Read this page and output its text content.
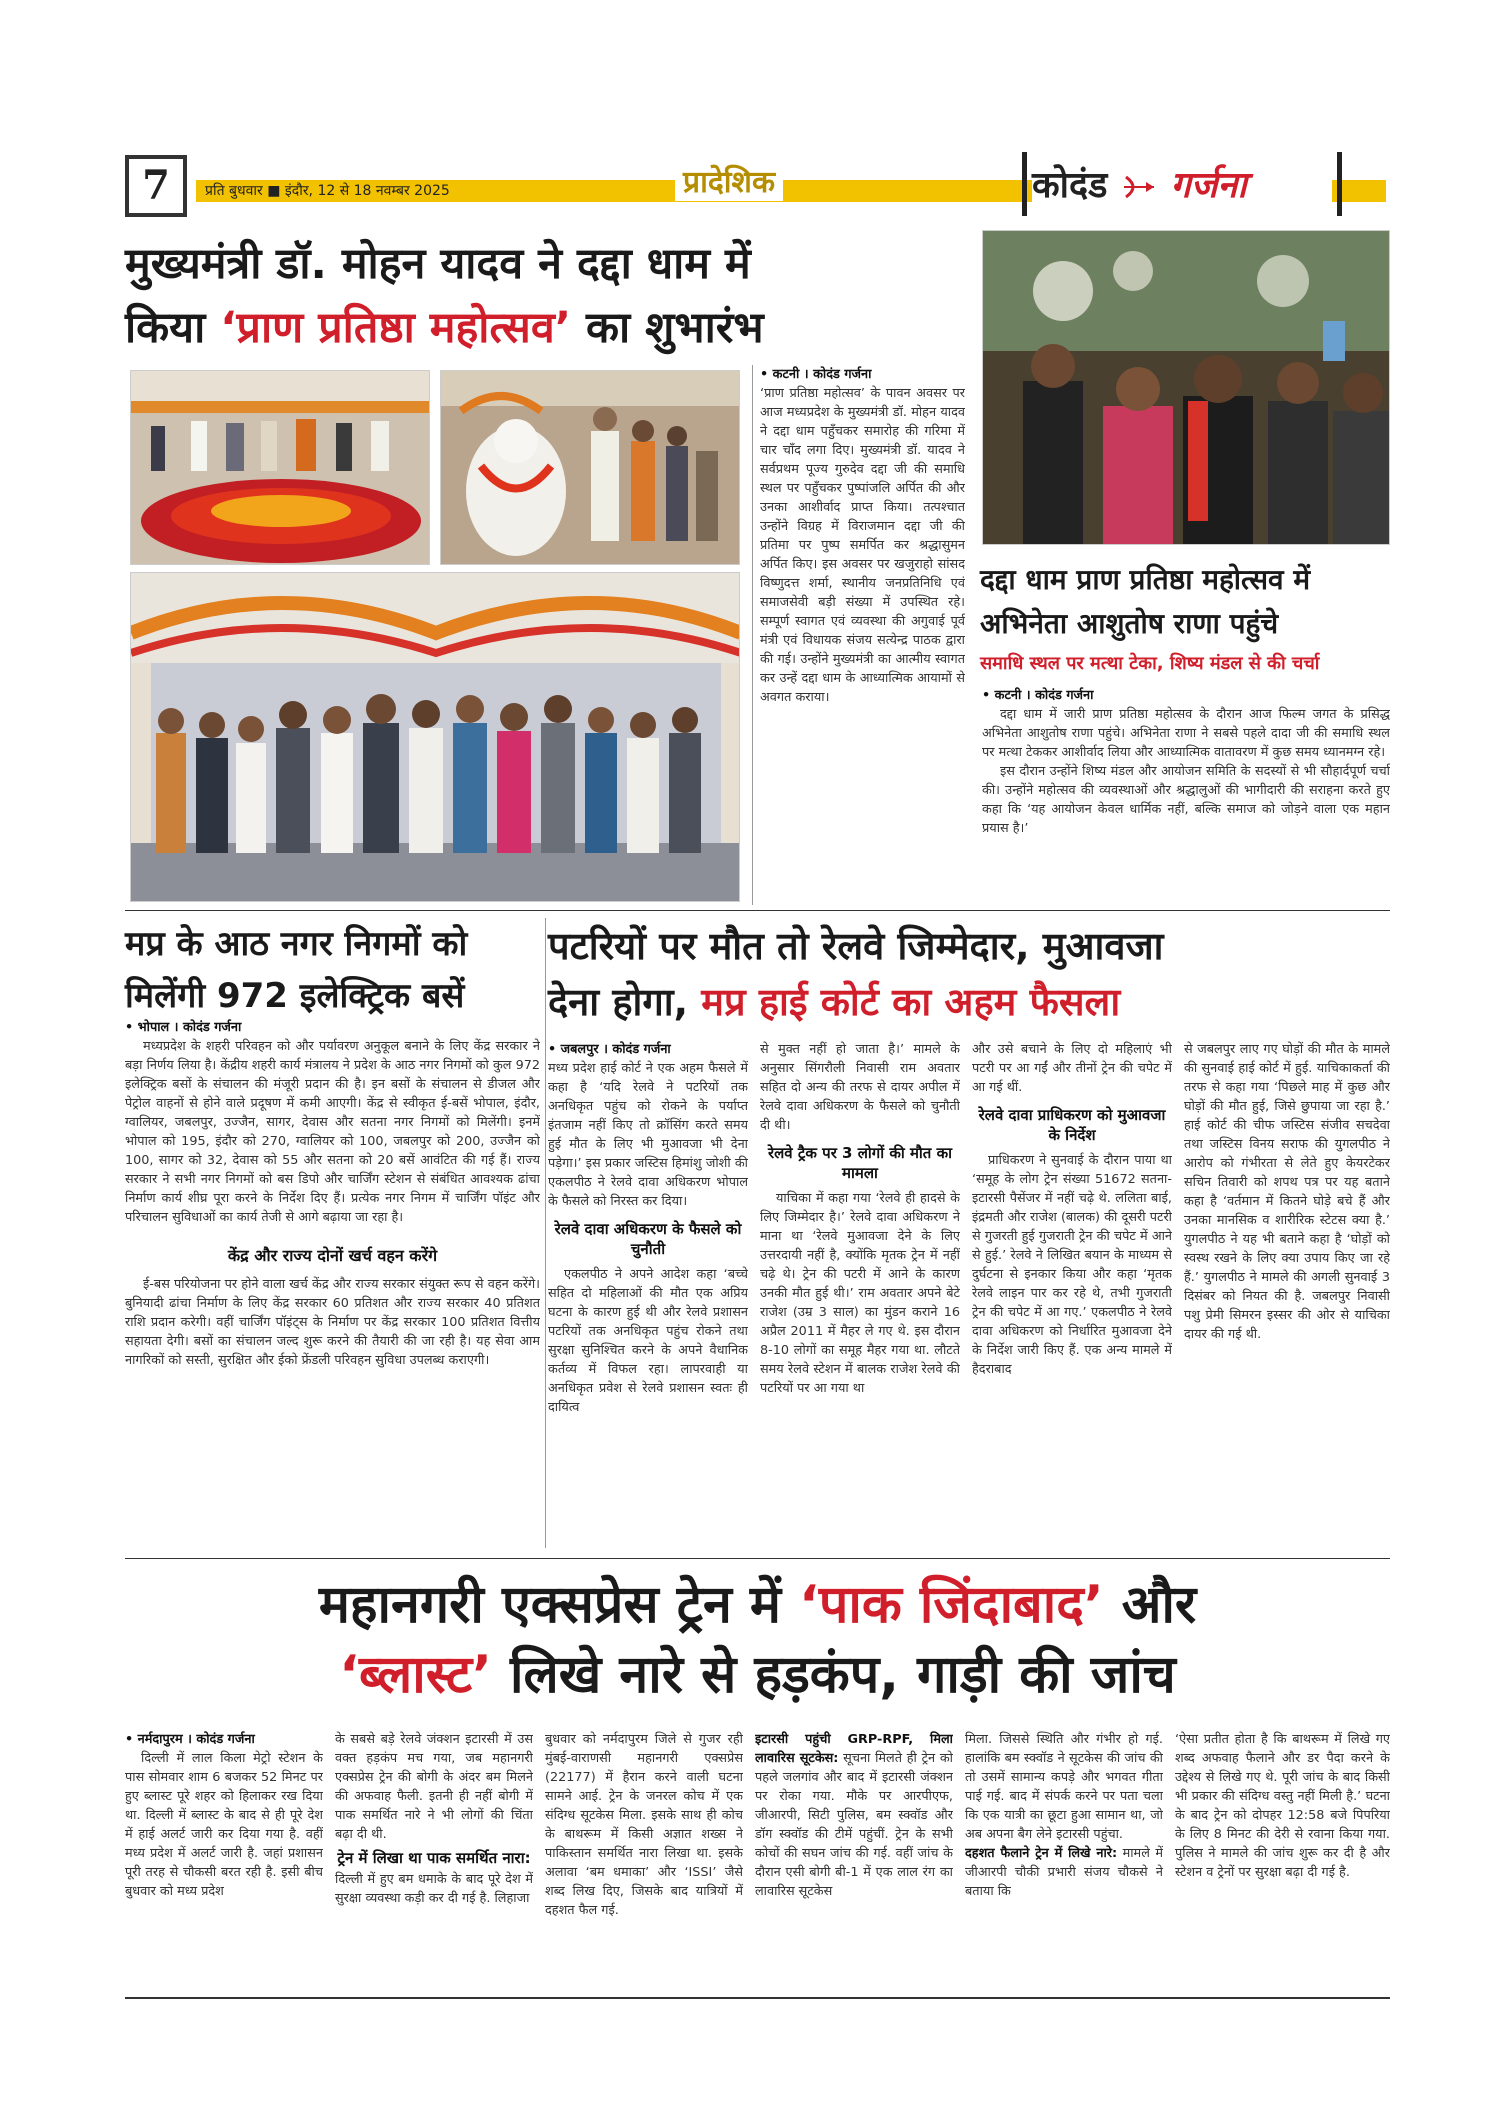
7	प्रति बुधवार ■ इंदौर, 12 से 18 नवम्बर 2025	प्रादेशिक	कोदंड गर्जना
मुख्यमंत्री डॉ. मोहन यादव ने दद्दा धाम में
किया ‘प्राण प्रतिष्ठा महोत्सव’ का शुभारंभ
• कटनी । कोदंड गर्जना
‘प्राण प्रतिष्ठा महोत्सव’ के पावन अवसर पर आज मध्यप्रदेश के मुख्यमंत्री डॉ. मोहन यादव ने दद्दा धाम पहुँचकर समारोह की गरिमा में चार चाँद लगा दिए। मुख्यमंत्री डॉ. यादव ने सर्वप्रथम पूज्य गुरुदेव दद्दा जी की समाधि स्थल पर पहुँचकर पुष्पांजलि अर्पित की और उनका आशीर्वाद प्राप्त किया। तत्पश्चात उन्होंने विग्रह में विराजमान दद्दा जी की प्रतिमा पर पुष्प समर्पित कर श्रद्धासुमन अर्पित किए। इस अवसर पर खजुराहो सांसद विष्णुदत्त शर्मा, स्थानीय जनप्रतिनिधि एवं समाजसेवी बड़ी संख्या में उपस्थित रहे। सम्पूर्ण स्वागत एवं व्यवस्था की अगुवाई पूर्व मंत्री एवं विधायक संजय सत्येन्द्र पाठक द्वारा की गई। उन्होंने मुख्यमंत्री का आत्मीय स्वागत कर उन्हें दद्दा धाम के आध्यात्मिक आयामों से अवगत कराया।
दद्दा धाम प्राण प्रतिष्ठा महोत्सव में अभिनेता आशुतोष राणा पहुंचे
समाधि स्थल पर मत्था टेका, शिष्य मंडल से की चर्चा
• कटनी । कोदंड गर्जना

दद्दा धाम में जारी प्राण प्रतिष्ठा महोत्सव के दौरान आज फिल्म जगत के प्रसिद्ध अभिनेता आशुतोष राणा पहुंचे। अभिनेता राणा ने सबसे पहले दादा जी की समाधि स्थल पर मत्था टेककर आशीर्वाद लिया और आध्यात्मिक वातावरण में कुछ समय ध्यानमग्न रहे।

इस दौरान उन्होंने शिष्य मंडल और आयोजन समिति के सदस्यों से भी सौहार्दपूर्ण चर्चा की। उन्होंने महोत्सव की व्यवस्थाओं और श्रद्धालुओं की भागीदारी की सराहना करते हुए कहा कि ‘यह आयोजन केवल धार्मिक नहीं, बल्कि समाज को जोड़ने वाला एक महान प्रयास है।’

मप्र के आठ नगर निगमों को मिलेंगी 972 इलेक्ट्रिक बसें
• भोपाल । कोदंड गर्जना

मध्यप्रदेश के शहरी परिवहन को और पर्यावरण अनुकूल बनाने के लिए केंद्र सरकार ने बड़ा निर्णय लिया है। केंद्रीय शहरी कार्य मंत्रालय ने प्रदेश के आठ नगर निगमों को कुल 972 इलेक्ट्रिक बसों के संचालन की मंजूरी प्रदान की है। इन बसों के संचालन से डीजल और पेट्रोल वाहनों से होने वाले प्रदूषण में कमी आएगी। केंद्र से स्वीकृत ई-बसें भोपाल, इंदौर, ग्वालियर, जबलपुर, उज्जैन, सागर, देवास और सतना नगर निगमों को मिलेंगी। इनमें भोपाल को 195, इंदौर को 270, ग्वालियर को 100, जबलपुर को 200, उज्जैन को 100, सागर को 32, देवास को 55 और सतना को 20 बसें आवंटित की गई हैं। राज्य सरकार ने सभी नगर निगमों को बस डिपो और चार्जिंग स्टेशन से संबंधित आवश्यक ढांचा निर्माण कार्य शीघ्र पूरा करने के निर्देश दिए हैं। प्रत्येक नगर निगम में चार्जिंग पॉइंट और परिचालन सुविधाओं का कार्य तेजी से आगे बढ़ाया जा रहा है।

केंद्र और राज्य दोनों खर्च वहन करेंगे

ई-बस परियोजना पर होने वाला खर्च केंद्र और राज्य सरकार संयुक्त रूप से वहन करेंगे। बुनियादी ढांचा निर्माण के लिए केंद्र सरकार 60 प्रतिशत और राज्य सरकार 40 प्रतिशत राशि प्रदान करेगी। वहीं चार्जिंग पॉइंट्स के निर्माण पर केंद्र सरकार 100 प्रतिशत वित्तीय सहायता देगी। बसों का संचालन जल्द शुरू करने की तैयारी की जा रही है। यह सेवा आम नागरिकों को सस्ती, सुरक्षित और ईको फ्रेंडली परिवहन सुविधा उपलब्ध कराएगी।

पटरियों पर मौत तो रेलवे जिम्मेदार, मुआवजा
देना होगा, मप्र हाई कोर्ट का अहम फैसला
• जबलपुर । कोदंड गर्जना

मध्य प्रदेश हाई कोर्ट ने एक अहम फैसले में कहा है ‘यदि रेलवे ने पटरियों तक अनधिकृत पहुंच को रोकने के पर्याप्त इंतजाम नहीं किए तो क्रॉसिंग करते समय हुई मौत के लिए भी मुआवजा भी देना पड़ेगा।’ इस प्रकार जस्टिस हिमांशु जोशी की एकलपीठ ने रेलवे दावा अधिकरण भोपाल के फैसले को निरस्त कर दिया।

रेलवे दावा अधिकरण के फैसले को चुनौती

एकलपीठ ने अपने आदेश कहा ‘बच्चे सहित दो महिलाओं की मौत एक अप्रिय घटना के कारण हुई थी और रेलवे प्रशासन पटरियों तक अनधिकृत पहुंच रोकने तथा सुरक्षा सुनिश्चित करने के अपने वैधानिक कर्तव्य में विफल रहा। लापरवाही या अनधिकृत प्रवेश से रेलवे प्रशासन स्वतः ही दायित्व

से मुक्त नहीं हो जाता है।’ मामले के अनुसार सिंगरौली निवासी राम अवतार सहित दो अन्य की तरफ से दायर अपील में रेलवे दावा अधिकरण के फैसले को चुनौती दी थी।

रेलवे ट्रैक पर 3 लोगों की मौत का मामला

याचिका में कहा गया ‘रेलवे ही हादसे के लिए जिम्मेदार है।’ रेलवे दावा अधिकरण ने माना था ‘रेलवे मुआवजा देने के लिए उत्तरदायी नहीं है, क्योंकि मृतक ट्रेन में नहीं चढ़े थे। ट्रेन की पटरी में आने के कारण उनकी मौत हुई थी।’ राम अवतार अपने बेटे राजेश (उम्र 3 साल) का मुंडन कराने 16 अप्रैल 2011 में मैहर ले गए थे. इस दौरान 8-10 लोगों का समूह मैहर गया था. लौटते समय रेलवे स्टेशन में बालक राजेश रेलवे की पटरियों पर आ गया था

और उसे बचाने के लिए दो महिलाएं भी पटरी पर आ गईं और तीनों ट्रेन की चपेट में आ गई थीं.

रेलवे दावा प्राधिकरण को मुआवजा के निर्देश

प्राधिकरण ने सुनवाई के दौरान पाया था ‘समूह के लोग ट्रेन संख्या 51672 सतना-इटारसी पैसेंजर में नहीं चढ़े थे. ललिता बाई, इंद्रमती और राजेश (बालक) की दूसरी पटरी से गुजरती हुई गुजराती ट्रेन की चपेट में आने से हुई.’ रेलवे ने लिखित बयान के माध्यम से दुर्घटना से इनकार किया और कहा ‘मृतक रेलवे लाइन पार कर रहे थे, तभी गुजराती ट्रेन की चपेट में आ गए.’ एकलपीठ ने रेलवे दावा अधिकरण को निर्धारित मुआवजा देने के निर्देश जारी किए हैं. एक अन्य मामले में हैदराबाद

से जबलपुर लाए गए घोड़ों की मौत के मामले की सुनवाई हाई कोर्ट में हुई. याचिकाकर्ता की तरफ से कहा गया ‘पिछले माह में कुछ और घोड़ों की मौत हुई, जिसे छुपाया जा रहा है.’ हाई कोर्ट की चीफ जस्टिस संजीव सचदेवा तथा जस्टिस विनय सराफ की युगलपीठ ने आरोप को गंभीरता से लेते हुए केयरटेकर सचिन तिवारी को शपथ पत्र पर यह बताने कहा है ‘वर्तमान में कितने घोड़े बचे हैं और उनका मानसिक व शारीरिक स्टेटस क्या है.’ युगलपीठ ने यह भी बताने कहा है ‘घोड़ों को स्वस्थ रखने के लिए क्या उपाय किए जा रहे हैं.’ युगलपीठ ने मामले की अगली सुनवाई 3 दिसंबर को नियत की है. जबलपुर निवासी पशु प्रेमी सिमरन इस्सर की ओर से याचिका दायर की गई थी.

महानगरी एक्सप्रेस ट्रेन में ‘पाक जिंदाबाद’ और
‘ब्लास्ट’ लिखे नारे से हड़कंप, गाड़ी की जांच
• नर्मदापुरम । कोदंड गर्जना

दिल्ली में लाल किला मेट्रो स्टेशन के पास सोमवार शाम 6 बजकर 52 मिनट पर हुए ब्लास्ट पूरे शहर को हिलाकर रख दिया था. दिल्ली में ब्लास्ट के बाद से ही पूरे देश में हाई अलर्ट जारी कर दिया गया है. वहीं मध्य प्रदेश में अलर्ट जारी है. जहां प्रशासन पूरी तरह से चौकसी बरत रही है. इसी बीच बुधवार को मध्य प्रदेश

के सबसे बड़े रेलवे जंक्शन इटारसी में उस वक्त हड़कंप मच गया, जब महानगरी एक्सप्रेस ट्रेन की बोगी के अंदर बम मिलने की अफवाह फैली. इतनी ही नहीं बोगी में पाक समर्थित नारे ने भी लोगों की चिंता बढ़ा दी थी.

ट्रेन में लिखा था पाक समर्थित नारा:

दिल्ली में हुए बम धमाके के बाद पूरे देश में सुरक्षा व्यवस्था कड़ी कर दी गई है. लिहाजा

बुधवार को नर्मदापुरम जिले से गुजर रही मुंबई-वाराणसी महानगरी एक्सप्रेस (22177) में हैरान करने वाली घटना सामने आई. ट्रेन के जनरल कोच में एक संदिग्ध सूटकेस मिला. इसके साथ ही कोच के बाथरूम में किसी अज्ञात शख्स ने पाकिस्तान समर्थित नारा लिखा था. इसके अलावा ‘बम धमाका’ और ‘ISSI’ जैसे शब्द लिख दिए, जिसके बाद यात्रियों में दहशत फैल गई.

इटारसी पहुंची GRP-RPF, मिला लावारिस सूटकेस: सूचना मिलते ही ट्रेन को पहले जलगांव और बाद में इटारसी जंक्शन पर रोका गया. मौके पर आरपीएफ, जीआरपी, सिटी पुलिस, बम स्क्वॉड और डॉग स्क्वॉड की टीमें पहुंचीं. ट्रेन के सभी कोचों की सघन जांच की गई. वहीं जांच के दौरान एसी बोगी बी-1 में एक लाल रंग का लावारिस सूटकेस

मिला. जिससे स्थिति और गंभीर हो गई. हालांकि बम स्क्वॉड ने सूटकेस की जांच की तो उसमें सामान्य कपड़े और भगवत गीता पाई गई. बाद में संपर्क करने पर पता चला कि एक यात्री का छूटा हुआ सामान था, जो अब अपना बैग लेने इटारसी पहुंचा.

दहशत फैलाने ट्रेन में लिखे नारे: मामले में जीआरपी चौकी प्रभारी संजय चौकसे ने बताया कि

‘ऐसा प्रतीत होता है कि बाथरूम में लिखे गए शब्द अफवाह फैलाने और डर पैदा करने के उद्देश्य से लिखे गए थे. पूरी जांच के बाद किसी भी प्रकार की संदिग्ध वस्तु नहीं मिली है.’ घटना के बाद ट्रेन को दोपहर 12:58 बजे पिपरिया के लिए 8 मिनट की देरी से रवाना किया गया. पुलिस ने मामले की जांच शुरू कर दी है और स्टेशन व ट्रेनों पर सुरक्षा बढ़ा दी गई है.
